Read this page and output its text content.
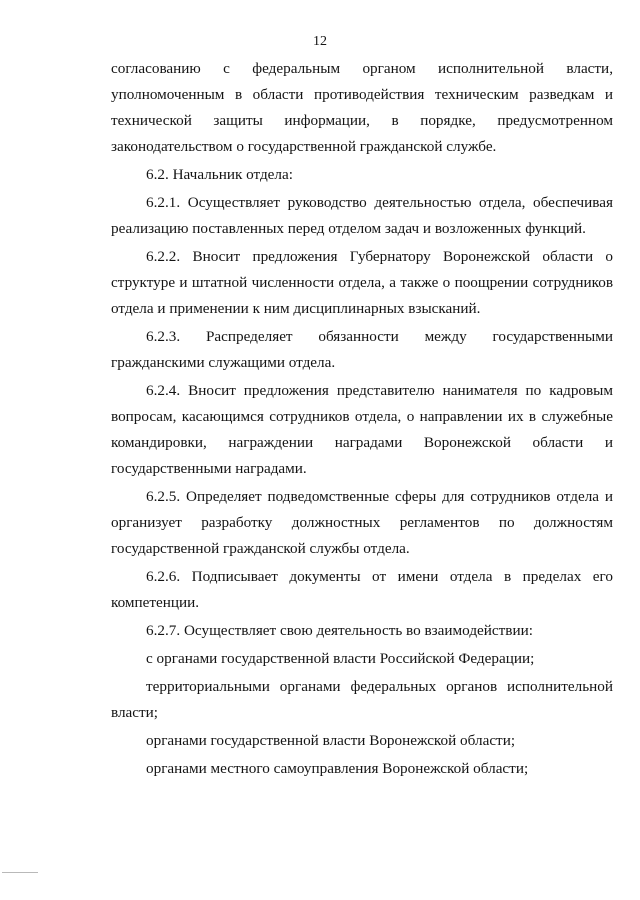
12

согласованию с федеральным органом исполнительной власти, уполномоченным в области противодействия техническим разведкам и технической защиты информации, в порядке, предусмотренном законодательством о государственной гражданской службе.

6.2. Начальник отдела:

6.2.1. Осуществляет руководство деятельностью отдела, обеспечивая реализацию поставленных перед отделом задач и возложенных функций.

6.2.2. Вносит предложения Губернатору Воронежской области о структуре и штатной численности отдела, а также о поощрении сотрудников отдела и применении к ним дисциплинарных взысканий.

6.2.3. Распределяет обязанности между государственными гражданскими служащими отдела.

6.2.4. Вносит предложения представителю нанимателя по кадровым вопросам, касающимся сотрудников отдела, о направлении их в служебные командировки, награждении наградами Воронежской области и государственными наградами.

6.2.5. Определяет подведомственные сферы для сотрудников отдела и организует разработку должностных регламентов по должностям государственной гражданской службы отдела.

6.2.6. Подписывает документы от имени отдела в пределах его компетенции.

6.2.7. Осуществляет свою деятельность во взаимодействии:

с органами государственной власти Российской Федерации;

территориальными органами федеральных органов исполнительной власти;

органами государственной власти Воронежской области;

органами местного самоуправления Воронежской области;
